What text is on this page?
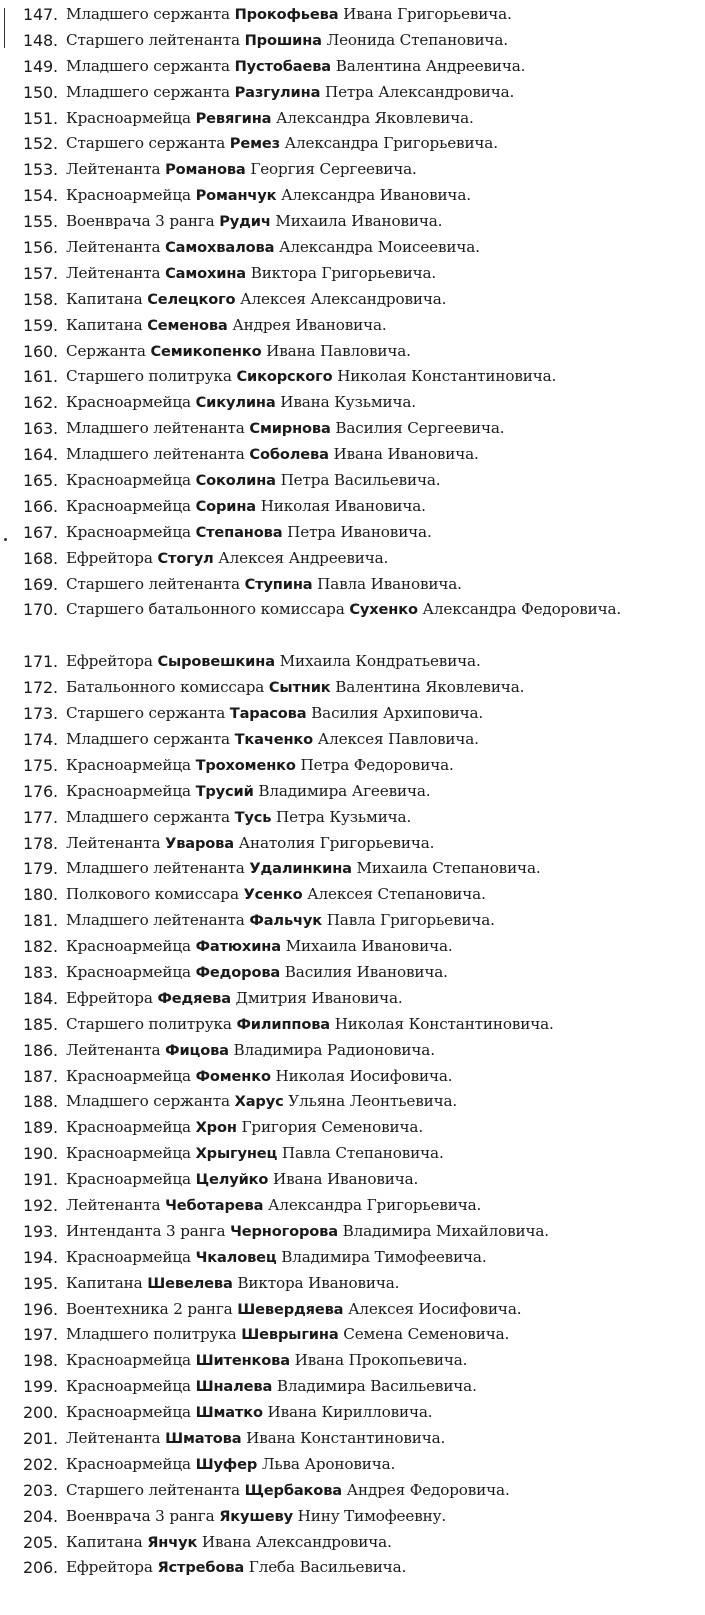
147. Младшего сержанта Прокофьева Ивана Григорьевича.
148. Старшего лейтенанта Прошина Леонида Степановича.
149. Младшего сержанта Пустобаева Валентина Андреевича.
150. Младшего сержанта Разгулина Петра Александровича.
151. Красноармейца Ревягина Александра Яковлевича.
152. Старшего сержанта Ремез Александра Григорьевича.
153. Лейтенанта Романова Георгия Сергеевича.
154. Красноармейца Романчук Александра Ивановича.
155. Военврача 3 ранга Рудич Михаила Ивановича.
156. Лейтенанта Самохвалова Александра Моисеевича.
157. Лейтенанта Самохина Виктора Григорьевича.
158. Капитана Селецкого Алексея Александровича.
159. Капитана Семенова Андрея Ивановича.
160. Сержанта Семикопенко Ивана Павловича.
161. Старшего политрука Сикорского Николая Константиновича.
162. Красноармейца Сикулина Ивана Кузьмича.
163. Младшего лейтенанта Смирнова Василия Сергеевича.
164. Младшего лейтенанта Соболева Ивана Ивановича.
165. Красноармейца Соколина Петра Васильевича.
166. Красноармейца Сорина Николая Ивановича.
167. Красноармейца Степанова Петра Ивановича.
168. Ефрейтора Стогул Алексея Андреевича.
169. Старшего лейтенанта Ступина Павла Ивановича.
170. Старшего батальонного комиссара Сухенко Александра Федоровича.
171. Ефрейтора Сыровешкина Михаила Кондратьевича.
172. Батальонного комиссара Сытник Валентина Яковлевича.
173. Старшего сержанта Тарасова Василия Архиповича.
174. Младшего сержанта Ткаченко Алексея Павловича.
175. Красноармейца Трохоменко Петра Федоровича.
176. Красноармейца Трусий Владимира Агеевича.
177. Младшего сержанта Тусь Петра Кузьмича.
178. Лейтенанта Уварова Анатолия Григорьевича.
179. Младшего лейтенанта Удалинкина Михаила Степановича.
180. Полкового комиссара Усенко Алексея Степановича.
181. Младшего лейтенанта Фальчук Павла Григорьевича.
182. Красноармейца Фатюхина Михаила Ивановича.
183. Красноармейца Федорова Василия Ивановича.
184. Ефрейтора Федяева Дмитрия Ивановича.
185. Старшего политрука Филиппова Николая Константиновича.
186. Лейтенанта Фицова Владимира Радионовича.
187. Красноармейца Фоменко Николая Иосифовича.
188. Младшего сержанта Харус Ульяна Леонтьевича.
189. Красноармейца Хрон Григория Семеновича.
190. Красноармейца Хрыгунец Павла Степановича.
191. Красноармейца Целуйко Ивана Ивановича.
192. Лейтенанта Чеботарева Александра Григорьевича.
193. Интенданта 3 ранга Черногорова Владимира Михайловича.
194. Красноармейца Чкаловец Владимира Тимофеевича.
195. Капитана Шевелева Виктора Ивановича.
196. Воентехника 2 ранга Шевердяева Алексея Иосифовича.
197. Младшего политрука Шеврыгина Семена Семеновича.
198. Красноармейца Шитенкова Ивана Прокопьевича.
199. Красноармейца Шналева Владимира Васильевича.
200. Красноармейца Шматко Ивана Кирилловича.
201. Лейтенанта Шматова Ивана Константиновича.
202. Красноармейца Шуфер Льва Ароновича.
203. Старшего лейтенанта Щербакова Андрея Федоровича.
204. Военврача 3 ранга Якушеву Нину Тимофеевну.
205. Капитана Янчук Ивана Александровича.
206. Ефрейтора Ястребова Глеба Васильевича.
